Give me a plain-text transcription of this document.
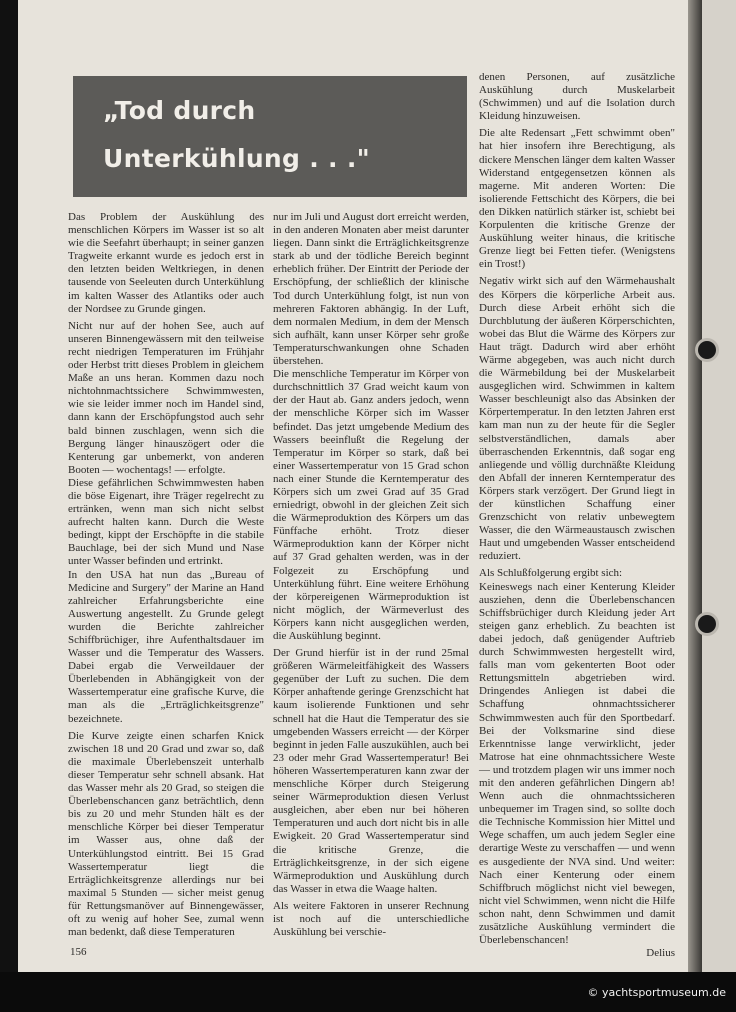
„Tod durch
Unterkühlung . . ."

Das Problem der Auskühlung des menschlichen Körpers im Wasser ist so alt wie die Seefahrt überhaupt; in seiner ganzen Tragweite erkannt wurde es jedoch erst in den letzten beiden Weltkriegen, in denen tausende von Seeleuten durch Unterkühlung im kalten Wasser des Atlantiks oder auch der Nordsee zu Grunde gingen.

Nicht nur auf der hohen See, auch auf unseren Binnengewässern mit den teilweise recht niedrigen Temperaturen im Frühjahr oder Herbst tritt dieses Problem in gleichem Maße an uns heran. Kommen dazu noch nichtohnmachtssichere Schwimmwesten, wie sie leider immer noch im Handel sind, dann kann der Erschöpfungstod auch sehr bald binnen zuschlagen, wenn sich die Bergung länger hinauszögert oder die Kenterung gar unbemerkt, von anderen Booten — wochentags! — erfolgte.

Diese gefährlichen Schwimmwesten haben die böse Eigenart, ihre Träger regelrecht zu ertränken, wenn man sich nicht selbst aufrecht halten kann. Durch die Weste bedingt, kippt der Erschöpfte in die stabile Bauchlage, bei der sich Mund und Nase unter Wasser befinden und ertrinkt.

In den USA hat nun das „Bureau of Medicine and Surgery" der Marine an Hand zahlreicher Erfahrungsberichte eine Auswertung angestellt. Zu Grunde gelegt wurden die Berichte zahlreicher Schiffbrüchiger, ihre Aufenthaltsdauer im Wasser und die Temperatur des Wassers. Dabei ergab die Verweildauer der Überlebenden in Abhängigkeit von der Wassertemperatur eine grafische Kurve, die man als die „Erträglichkeitsgrenze" bezeichnete.

Die Kurve zeigte einen scharfen Knick zwischen 18 und 20 Grad und zwar so, daß die maximale Überlebenszeit unterhalb dieser Temperatur sehr schnell absank. Hat das Wasser mehr als 20 Grad, so steigen die Überlebenschancen ganz beträchtlich, denn bis zu 20 und mehr Stunden hält es der menschliche Körper bei dieser Temperatur im Wasser aus, ohne daß der Unterkühlungstod eintritt. Bei 15 Grad Wassertemperatur liegt die Erträglichkeitsgrenze allerdings nur bei maximal 5 Stunden — sicher meist genug für Rettungsmanöver auf Binnengewässer, oft zu wenig auf hoher See, zumal wenn man bedenkt, daß diese Temperaturen

nur im Juli und August dort erreicht werden, in den anderen Monaten aber meist darunter liegen. Dann sinkt die Erträglichkeitsgrenze stark ab und der tödliche Bereich beginnt erheblich früher. Der Eintritt der Periode der Erschöpfung, der schließlich der klinische Tod durch Unterkühlung folgt, ist nun von mehreren Faktoren abhängig. In der Luft, dem normalen Medium, in dem der Mensch sich aufhält, kann unser Körper sehr große Temperaturschwankungen ohne Schaden überstehen.

Die menschliche Temperatur im Körper von durchschnittlich 37 Grad weicht kaum von der der Haut ab. Ganz anders jedoch, wenn der menschliche Körper sich im Wasser befindet. Das jetzt umgebende Medium des Wassers beeinflußt die Regelung der Temperatur im Körper so stark, daß bei einer Wassertemperatur von 15 Grad schon nach einer Stunde die Kerntemperatur des Körpers sich um zwei Grad auf 35 Grad erniedrigt, obwohl in der gleichen Zeit sich die Wärmeproduktion des Körpers um das Fünffache erhöht. Trotz dieser Wärmeproduktion kann der Körper nicht auf 37 Grad gehalten werden, was in der Folgezeit zu Erschöpfung und Unterkühlung führt. Eine weitere Erhöhung der körpereigenen Wärmeproduktion ist nicht möglich, der Wärmeverlust des Körpers kann nicht ausgeglichen werden, die Auskühlung beginnt.

Der Grund hierfür ist in der rund 25mal größeren Wärmeleitfähigkeit des Wassers gegenüber der Luft zu suchen. Die dem Körper anhaftende geringe Grenzschicht hat kaum isolierende Funktionen und sehr schnell hat die Haut die Temperatur des sie umgebenden Wassers erreicht — der Körper beginnt in jeden Falle auszukühlen, auch bei 23 oder mehr Grad Wassertemperatur! Bei höheren Wassertemperaturen kann zwar der menschliche Körper durch Steigerung seiner Wärmeproduktion diesen Verlust ausgleichen, aber eben nur bei höheren Temperaturen und auch dort nicht bis in alle Ewigkeit. 20 Grad Wassertemperatur sind die kritische Grenze, die Erträglichkeitsgrenze, in der sich eigene Wärmeproduktion und Auskühlung durch das Wasser in etwa die Waage halten.

Als weitere Faktoren in unserer Rechnung ist noch auf die unterschiedliche Auskühlung bei verschie-

denen Personen, auf zusätzliche Auskühlung durch Muskelarbeit (Schwimmen) und auf die Isolation durch Kleidung hinzuweisen.

Die alte Redensart „Fett schwimmt oben" hat hier insofern ihre Berechtigung, als dickere Menschen länger dem kalten Wasser Widerstand entgegensetzen können als magerne. Mit anderen Worten: Die isolierende Fettschicht des Körpers, die bei den Dikken natürlich stärker ist, schiebt bei Korpulenten die kritische Grenze der Auskühlung weiter hinaus, die kritische Grenze liegt bei Fetten tiefer. (Wenigstens ein Trost!)

Negativ wirkt sich auf den Wärmehaushalt des Körpers die körperliche Arbeit aus. Durch diese Arbeit erhöht sich die Durchblutung der äußeren Körperschichten, wobei das Blut die Wärme des Körpers zur Haut trägt. Dadurch wird aber erhöht Wärme abgegeben, was auch nicht durch die Wärmebildung bei der Muskelarbeit ausgeglichen wird. Schwimmen in kaltem Wasser beschleunigt also das Absinken der Körpertemperatur. In den letzten Jahren erst kam man nun zu der heute für die Segler selbstverständlichen, damals aber überraschenden Erkenntnis, daß sogar eng anliegende und völlig durchnäßte Kleidung den Abfall der inneren Kerntemperatur des Körpers stark verzögert. Der Grund liegt in der künstlichen Schaffung einer Grenzschicht von relativ unbewegtem Wasser, die den Wärmeaustausch zwischen Haut und umgebenden Wasser entscheidend reduziert.

Als Schlußfolgerung ergibt sich:

Keineswegs nach einer Kenterung Kleider ausziehen, denn die Überlebenschancen Schiffsbrüchiger durch Kleidung jeder Art steigen ganz erheblich. Zu beachten ist dabei jedoch, daß genügender Auftrieb durch Schwimmwesten hergestellt wird, falls man vom gekenterten Boot oder Rettungsmitteln abgetrieben wird. Dringendes Anliegen ist dabei die Schaffung ohnmachtssicherer Schwimmwesten auch für den Sportbedarf. Bei der Volksmarine sind diese Erkenntnisse lange verwirklicht, jeder Matrose hat eine ohnmachtssichere Weste — und trotzdem plagen wir uns immer noch mit den anderen gefährlichen Dingern ab! Wenn auch die ohnmachtssicheren unbequemer im Tragen sind, so sollte doch die Technische Kommission hier Mittel und Wege schaffen, um auch jedem Segler eine derartige Weste zu verschaffen — und wenn es ausgediente der NVA sind. Und weiter: Nach einer Kenterung oder einem Schiffbruch möglichst nicht viel bewegen, nicht viel Schwimmen, wenn nicht die Hilfe schon naht, denn Schwimmen und damit zusätzliche Auskühlung vermindert die Überlebenschancen!

Delius

156
© yachtsportmuseum.de
